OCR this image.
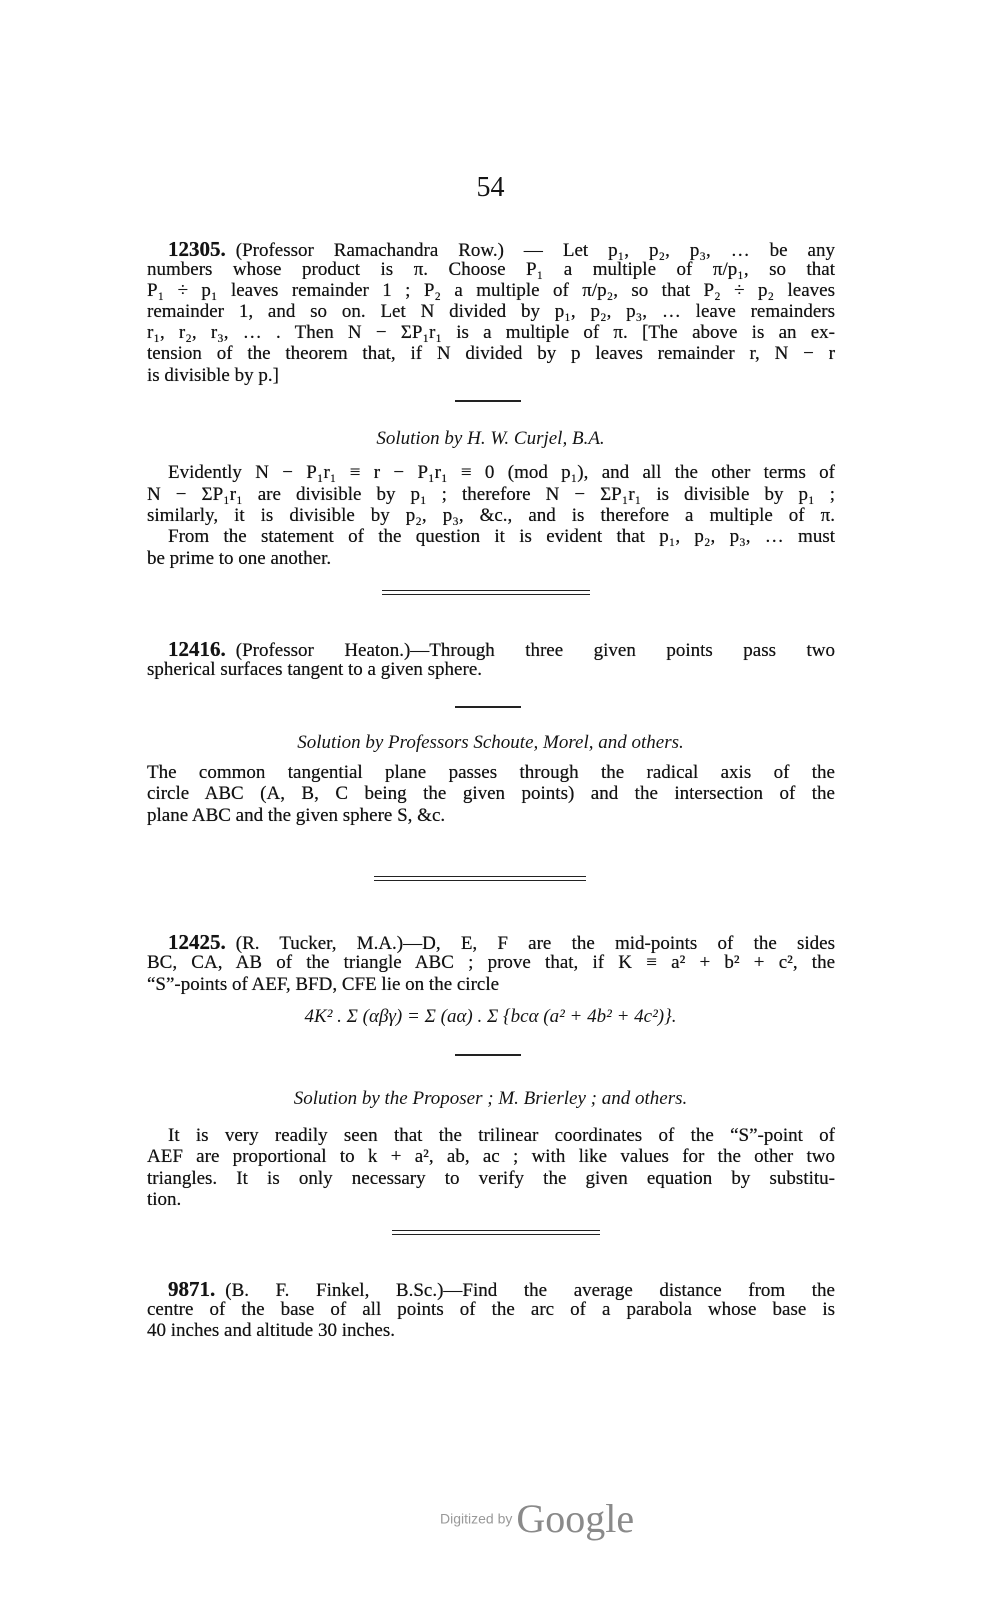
54
12305. (Professor Ramachandra Row.) — Let p₁, p₂, p₃, … be any
numbers whose product is π. Choose P₁ a multiple of π/p₁, so that
P₁ ÷ p₁ leaves remainder 1 ; P₂ a multiple of π/p₂, so that P₂ ÷ p₂ leaves
remainder 1, and so on. Let N divided by p₁, p₂, p₃, … leave remainders
r₁, r₂, r₃, … . Then N − ΣP₁r₁ is a multiple of π. [The above is an ex-
tension of the theorem that, if N divided by p leaves remainder r, N − r
is divisible by p.]
Solution by H. W. Curjel, B.A.
Evidently N − P₁r₁ ≡ r − P₁r₁ ≡ 0 (mod p₁), and all the other terms of
N − ΣP₁r₁ are divisible by p₁ ; therefore N − ΣP₁r₁ is divisible by p₁ ;
similarly, it is divisible by p₂, p₃, &c., and is therefore a multiple of π.
From the statement of the question it is evident that p₁, p₂, p₃, … must
be prime to one another.
12416. (Professor Heaton.)—Through three given points pass two
spherical surfaces tangent to a given sphere.
Solution by Professors Schoute, Morel, and others.
The common tangential plane passes through the radical axis of the
circle ABC (A, B, C being the given points) and the intersection of the
plane ABC and the given sphere S, &c.
12425. (R. Tucker, M.A.)—D, E, F are the mid-points of the sides
BC, CA, AB of the triangle ABC ; prove that, if K ≡ a² + b² + c², the
“S”-points of AEF, BFD, CFE lie on the circle
4K² . Σ (αβγ) = Σ (aα) . Σ {bcα (a² + 4b² + 4c²)}.
Solution by the Proposer ; M. Brierley ; and others.
It is very readily seen that the trilinear coordinates of the “S”-point of
AEF are proportional to k + a², ab, ac ; with like values for the other two
triangles. It is only necessary to verify the given equation by substitu-
tion.
9871. (B. F. Finkel, B.Sc.)—Find the average distance from the
centre of the base of all points of the arc of a parabola whose base is
40 inches and altitude 30 inches.
Digitized by Google
